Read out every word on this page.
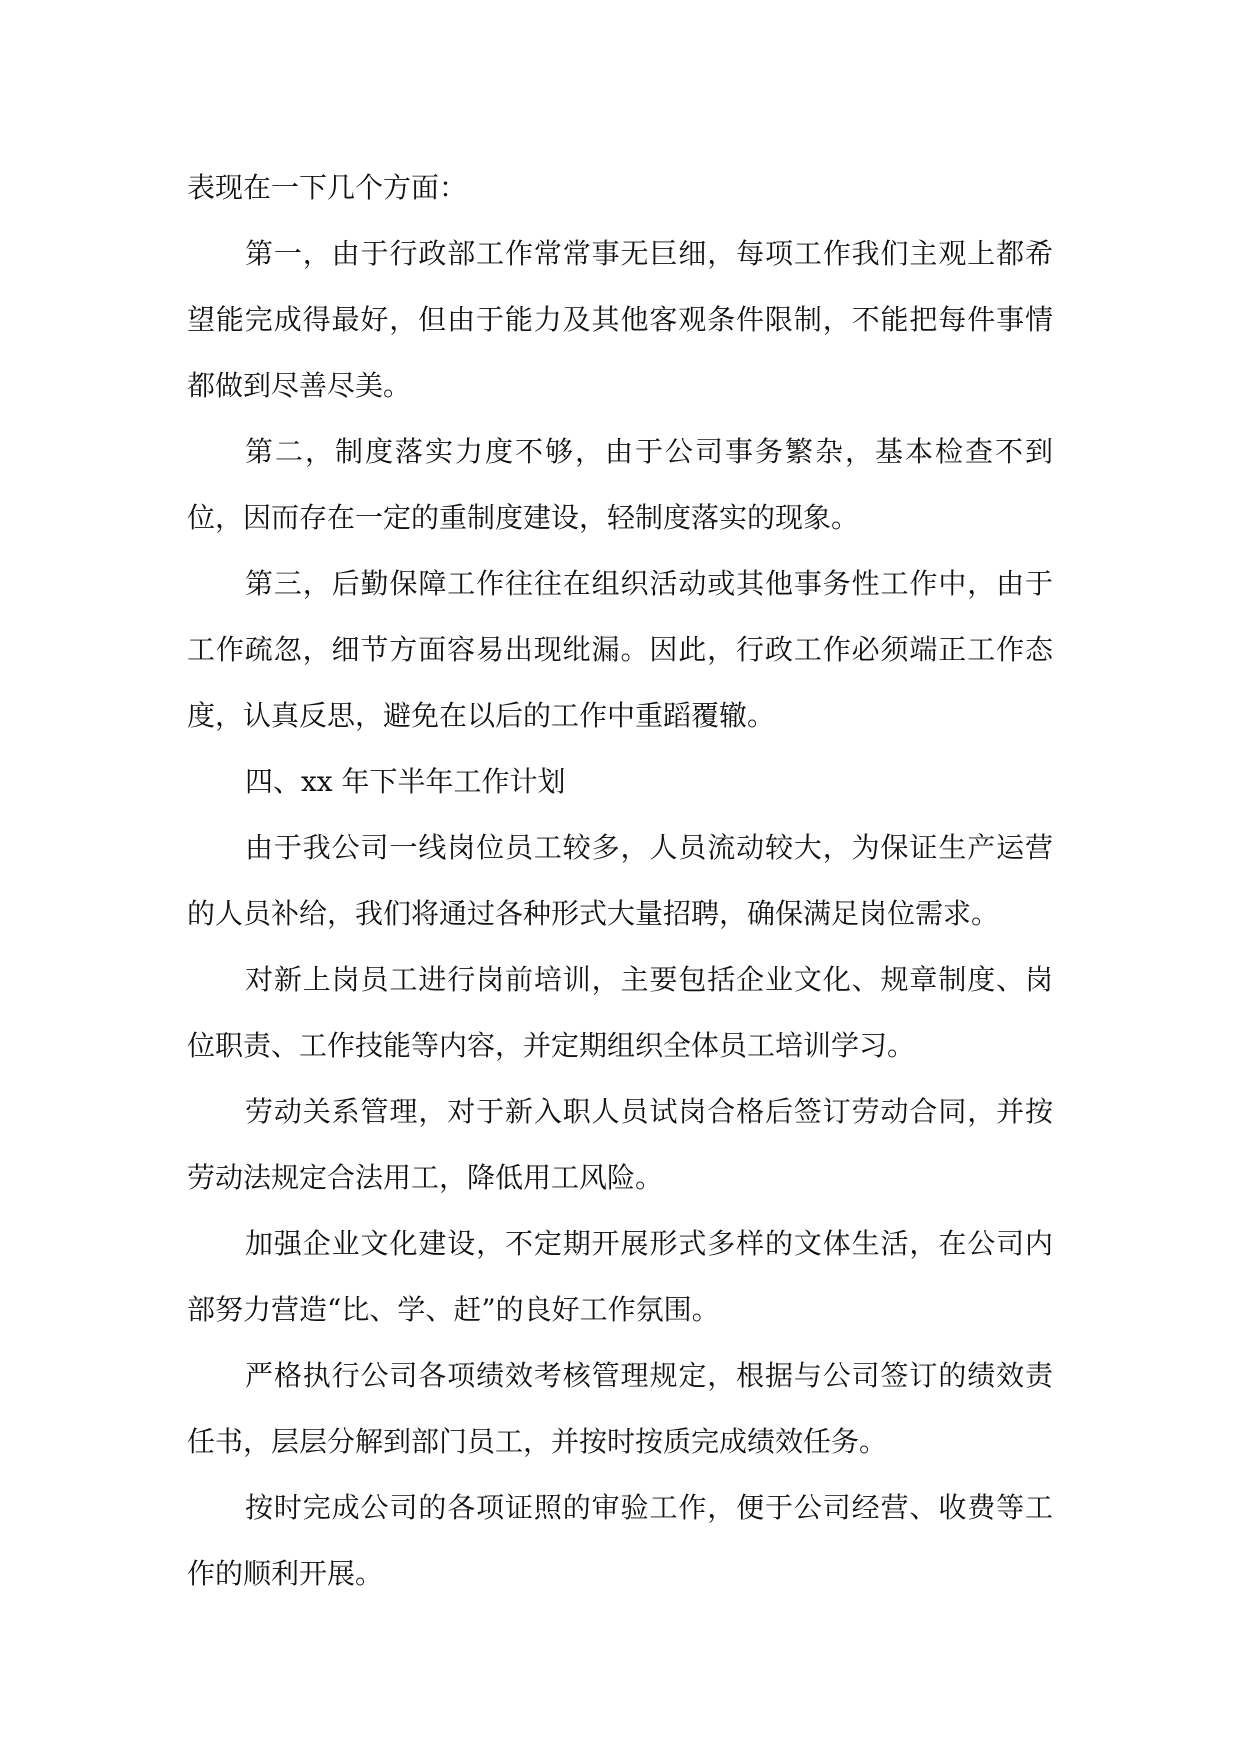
表现在一下几个方面：

第一，由于行政部工作常常事无巨细，每项工作我们主观上都希望能完成得最好，但由于能力及其他客观条件限制，不能把每件事情都做到尽善尽美。

第二，制度落实力度不够，由于公司事务繁杂，基本检查不到位，因而存在一定的重制度建设，轻制度落实的现象。

第三，后勤保障工作往往在组织活动或其他事务性工作中，由于工作疏忽，细节方面容易出现纰漏。因此，行政工作必须端正工作态度，认真反思，避免在以后的工作中重蹈覆辙。

四、xx 年下半年工作计划

由于我公司一线岗位员工较多，人员流动较大，为保证生产运营的人员补给，我们将通过各种形式大量招聘，确保满足岗位需求。

对新上岗员工进行岗前培训，主要包括企业文化、规章制度、岗位职责、工作技能等内容，并定期组织全体员工培训学习。

劳动关系管理，对于新入职人员试岗合格后签订劳动合同，并按劳动法规定合法用工，降低用工风险。

加强企业文化建设，不定期开展形式多样的文体生活，在公司内部努力营造“比、学、赶”的良好工作氛围。

严格执行公司各项绩效考核管理规定，根据与公司签订的绩效责任书，层层分解到部门员工，并按时按质完成绩效任务。

按时完成公司的各项证照的审验工作，便于公司经营、收费等工作的顺利开展。
